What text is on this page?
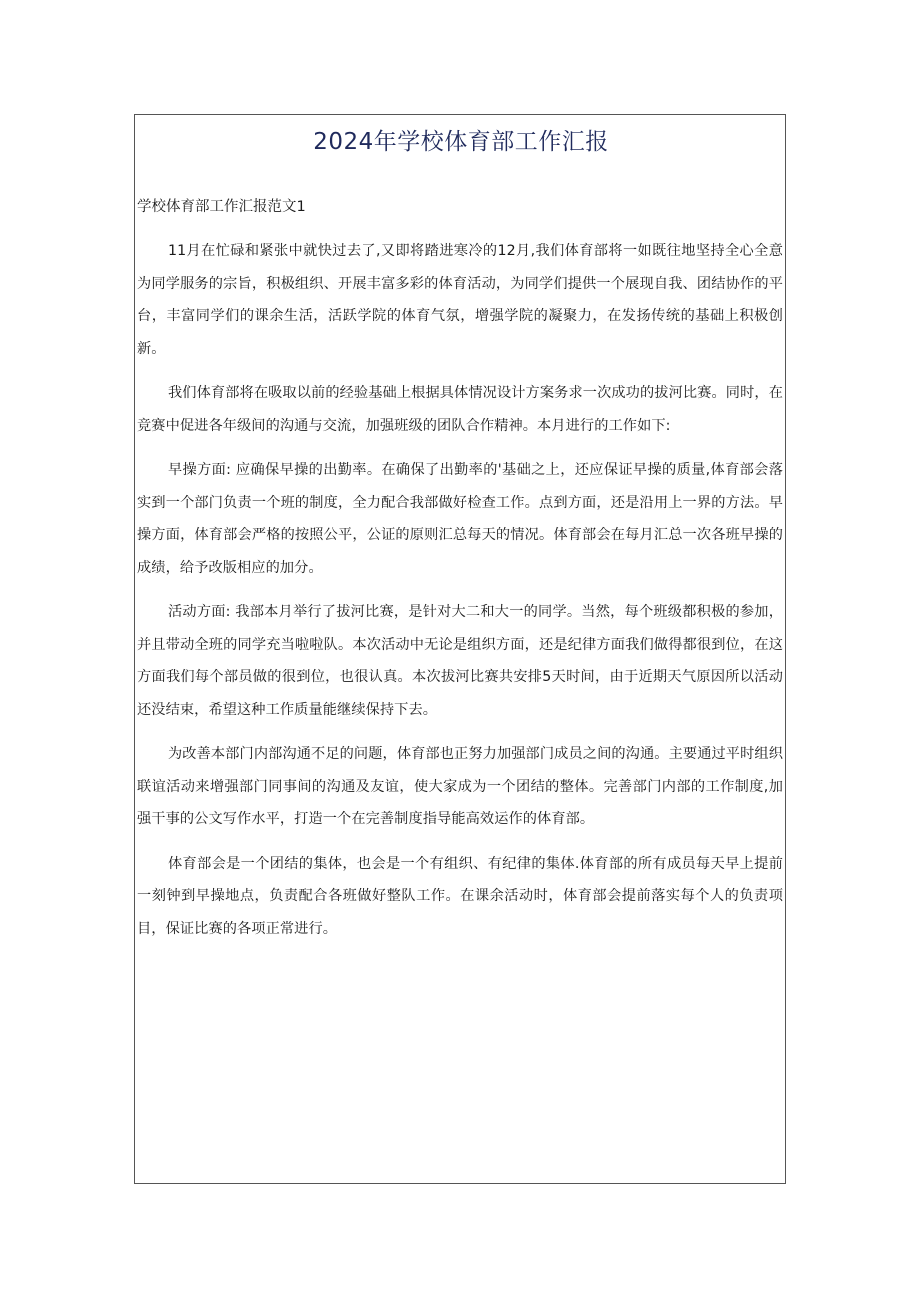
2024年学校体育部工作汇报

学校体育部工作汇报范文1

11月在忙碌和紧张中就快过去了,又即将踏进寒冷的12月,我们体育部将一如既往地坚持全心全意为同学服务的宗旨，积极组织、开展丰富多彩的体育活动，为同学们提供一个展现自我、团结协作的平台，丰富同学们的课余生活，活跃学院的体育气氛，增强学院的凝聚力，在发扬传统的基础上积极创新。

我们体育部将在吸取以前的经验基础上根据具体情况设计方案务求一次成功的拔河比赛。同时，在竞赛中促进各年级间的沟通与交流，加强班级的团队合作精神。本月进行的工作如下:

早操方面: 应确保早操的出勤率。在确保了出勤率的'基础之上，还应保证早操的质量,体育部会落实到一个部门负责一个班的制度，全力配合我部做好检查工作。点到方面，还是沿用上一界的方法。早操方面，体育部会严格的按照公平，公证的原则汇总每天的情况。体育部会在每月汇总一次各班早操的成绩，给予改版相应的加分。

活动方面: 我部本月举行了拔河比赛，是针对大二和大一的同学。当然，每个班级都积极的参加，并且带动全班的同学充当啦啦队。本次活动中无论是组织方面，还是纪律方面我们做得都很到位，在这方面我们每个部员做的很到位，也很认真。本次拔河比赛共安排5天时间，由于近期天气原因所以活动还没结束，希望这种工作质量能继续保持下去。

为改善本部门内部沟通不足的问题，体育部也正努力加强部门成员之间的沟通。主要通过平时组织联谊活动来增强部门同事间的沟通及友谊，使大家成为一个团结的整体。完善部门内部的工作制度,加强干事的公文写作水平，打造一个在完善制度指导能高效运作的体育部。

体育部会是一个团结的集体，也会是一个有组织、有纪律的集体.体育部的所有成员每天早上提前一刻钟到早操地点，负责配合各班做好整队工作。在课余活动时，体育部会提前落实每个人的负责项目，保证比赛的各项正常进行。
